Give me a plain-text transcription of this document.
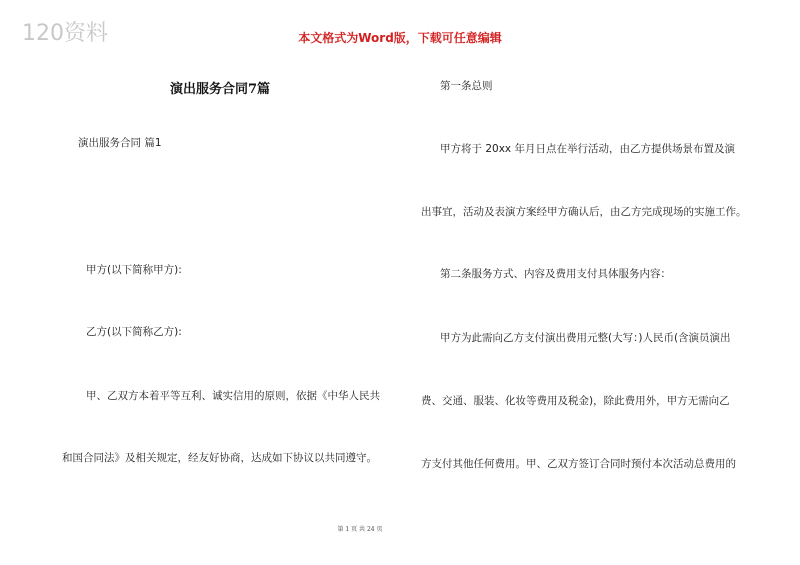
120资料	本文格式为Word版，下载可任意编辑
演出服务合同7篇
演出服务合同 篇1
甲方(以下简称甲方):
乙方(以下简称乙方):
甲、乙双方本着平等互利、诚实信用的原则，依据《中华人民共
和国合同法》及相关规定，经友好协商，达成如下协议以共同遵守。
第一条总则
甲方将于 20xx 年月日点在举行活动，由乙方提供场景布置及演
出事宜，活动及表演方案经甲方确认后，由乙方完成现场的实施工作。
第二条服务方式、内容及费用支付具体服务内容：
甲方为此需向乙方支付演出费用元整(大写：)人民币(含演员演出
费、交通、服装、化妆等费用及税金)，除此费用外，甲方无需向乙
方支付其他任何费用。甲、乙双方签订合同时预付本次活动总费用的
第 1 页 共 24 页
